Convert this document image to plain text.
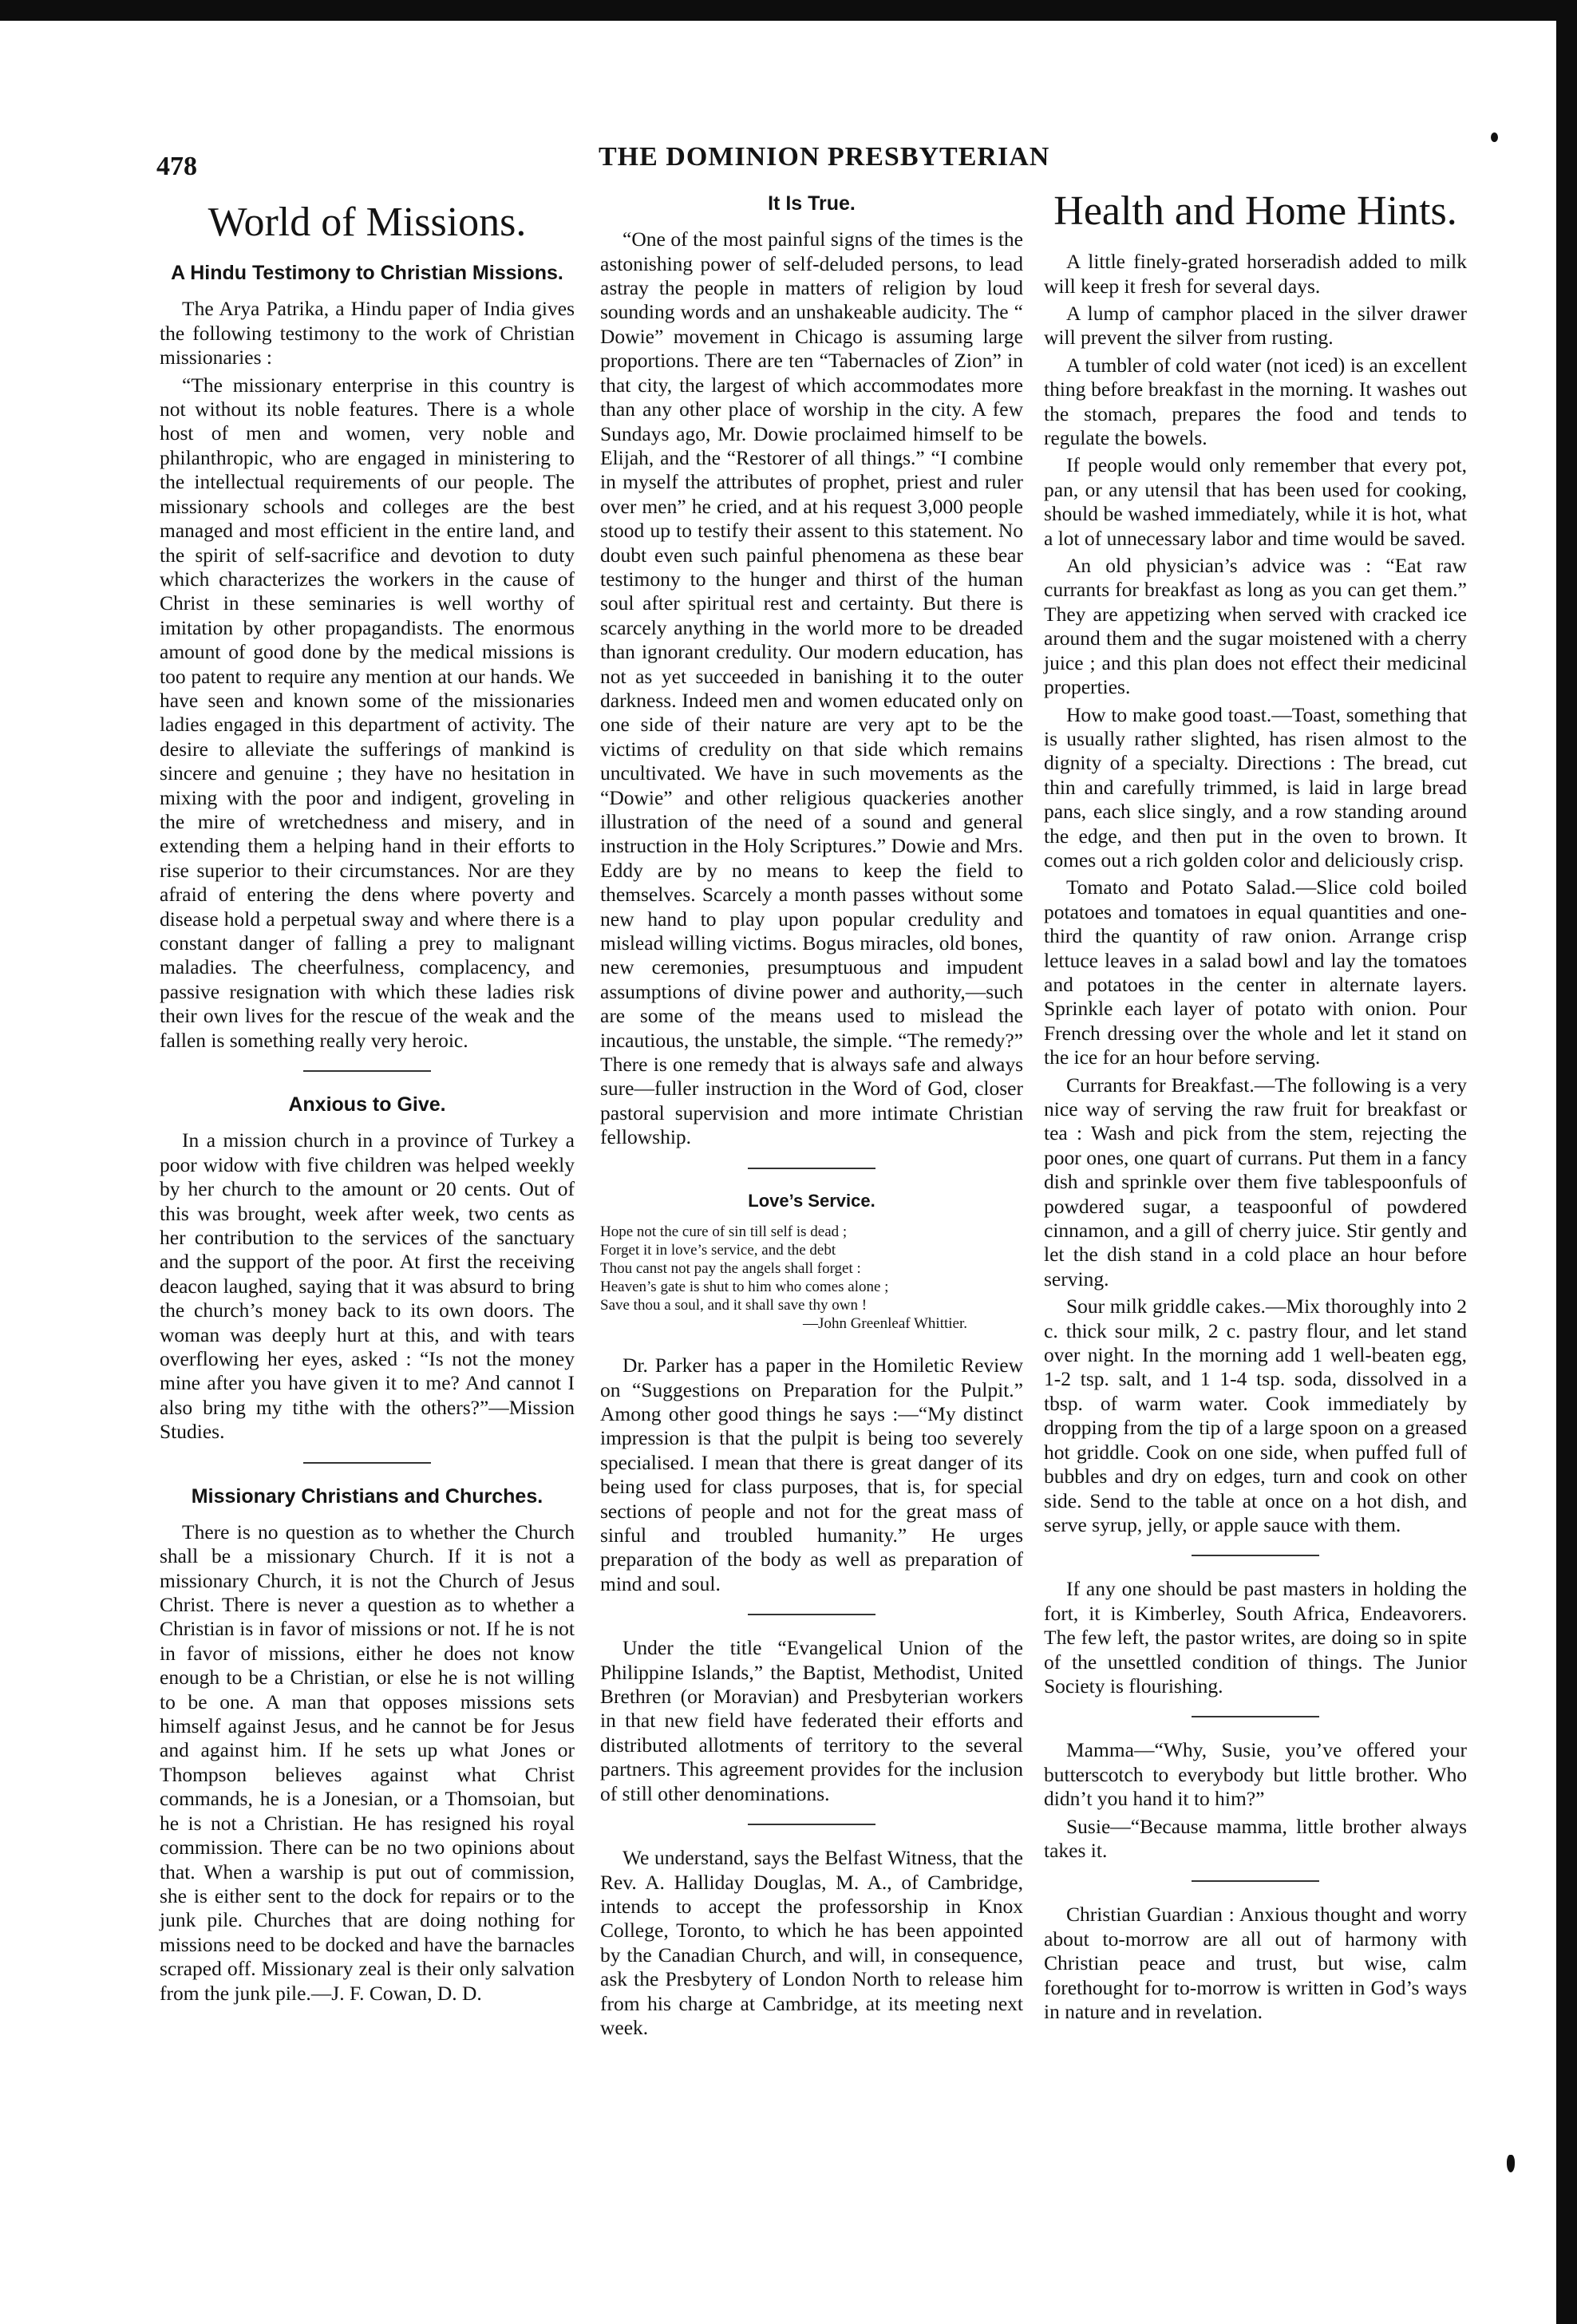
478	THE DOMINION PRESBYTERIAN
World of Missions.
A Hindu Testimony to Christian Missions.

The Arya Patrika, a Hindu paper of India gives the following testimony to the work of Christian missionaries :

“The missionary enterprise in this country is not without its noble features. There is a whole host of men and women, very noble and philanthropic, who are engaged in ministering to the intellectual requirements of our people. The missionary schools and colleges are the best managed and most efficient in the entire land, and the spirit of self-sacrifice and devotion to duty which characterizes the workers in the cause of Christ in these seminaries is well worthy of imitation by other propagandists. The enormous amount of good done by the medical missions is too patent to require any mention at our hands. We have seen and known some of the missionaries ladies engaged in this department of activity. The desire to alleviate the sufferings of mankind is sincere and genuine ; they have no hesitation in mixing with the poor and indigent, groveling in the mire of wretchedness and misery, and in extending them a helping hand in their efforts to rise superior to their circumstances. Nor are they afraid of entering the dens where poverty and disease hold a perpetual sway and where there is a constant danger of falling a prey to malignant maladies. The cheerfulness, complacency, and passive resignation with which these ladies risk their own lives for the rescue of the weak and the fallen is something really very heroic.

Anxious to Give.

In a mission church in a province of Turkey a poor widow with five children was helped weekly by her church to the amount or 20 cents. Out of this was brought, week after week, two cents as her contribution to the services of the sanctuary and the support of the poor. At first the receiving deacon laughed, saying that it was absurd to bring the church’s money back to its own doors. The woman was deeply hurt at this, and with tears overflowing her eyes, asked : “Is not the money mine after you have given it to me? And cannot I also bring my tithe with the others?”—Mission Studies.

Missionary Christians and Churches.

There is no question as to whether the Church shall be a missionary Church. If it is not a missionary Church, it is not the Church of Jesus Christ. There is never a question as to whether a Christian is in favor of missions or not. If he is not in favor of missions, either he does not know enough to be a Christian, or else he is not willing to be one. A man that opposes missions sets himself against Jesus, and he cannot be for Jesus and against him. If he sets up what Jones or Thompson believes against what Christ commands, he is a Jonesian, or a Thomsoian, but he is not a Christian. He has resigned his royal commission. There can be no two opinions about that. When a warship is put out of commission, she is either sent to the dock for repairs or to the junk pile. Churches that are doing nothing for missions need to be docked and have the barnacles scraped off. Missionary zeal is their only salvation from the junk pile.—J. F. Cowan, D. D.

It Is True.

“One of the most painful signs of the times is the astonishing power of self-deluded persons, to lead astray the people in matters of religion by loud sounding words and an unshakeable audicity. The “ Dowie” movement in Chicago is assuming large proportions. There are ten “Tabernacles of Zion” in that city, the largest of which accommodates more than any other place of worship in the city. A few Sundays ago, Mr. Dowie proclaimed himself to be Elijah, and the “Restorer of all things.” “I combine in myself the attributes of prophet, priest and ruler over men” he cried, and at his request 3,000 people stood up to testify their assent to this statement. No doubt even such painful phenomena as these bear testimony to the hunger and thirst of the human soul after spiritual rest and certainty. But there is scarcely anything in the world more to be dreaded than ignorant credulity. Our modern education, has not as yet succeeded in banishing it to the outer darkness. Indeed men and women educated only on one side of their nature are very apt to be the victims of credulity on that side which remains uncultivated. We have in such movements as the “Dowie” and other religious quackeries another illustration of the need of a sound and general instruction in the Holy Scriptures.” Dowie and Mrs. Eddy are by no means to keep the field to themselves. Scarcely a month passes without some new hand to play upon popular credulity and mislead willing victims. Bogus miracles, old bones, new ceremonies, presumptuous and impudent assumptions of divine power and authority,—such are some of the means used to mislead the incautious, the unstable, the simple. “The remedy?” There is one remedy that is always safe and always sure—fuller instruction in the Word of God, closer pastoral supervision and more intimate Christian fellowship.

Love’s Service.
Hope not the cure of sin till self is dead ;
Forget it in love’s service, and the debt
Thou canst not pay the angels shall forget :
Heaven’s gate is shut to him who comes alone ;
Save thou a soul, and it shall save thy own !
—John Greenleaf Whittier.

Dr. Parker has a paper in the Homiletic Review on “Suggestions on Preparation for the Pulpit.” Among other good things he says :—“My distinct impression is that the pulpit is being too severely specialised. I mean that there is great danger of its being used for class purposes, that is, for special sections of people and not for the great mass of sinful and troubled humanity.” He urges preparation of the body as well as preparation of mind and soul.

Under the title “Evangelical Union of the Philippine Islands,” the Baptist, Methodist, United Brethren (or Moravian) and Presbyterian workers in that new field have federated their efforts and distributed allotments of territory to the several partners. This agreement provides for the inclusion of still other denominations.

We understand, says the Belfast Witness, that the Rev. A. Halliday Douglas, M. A., of Cambridge, intends to accept the professorship in Knox College, Toronto, to which he has been appointed by the Canadian Church, and will, in consequence, ask the Presbytery of London North to release him from his charge at Cambridge, at its meeting next week.

Health and Home Hints.

A little finely-grated horseradish added to milk will keep it fresh for several days.

A lump of camphor placed in the silver drawer will prevent the silver from rusting.

A tumbler of cold water (not iced) is an excellent thing before breakfast in the morning. It washes out the stomach, prepares the food and tends to regulate the bowels.

If people would only remember that every pot, pan, or any utensil that has been used for cooking, should be washed immediately, while it is hot, what a lot of unnecessary labor and time would be saved.

An old physician’s advice was : “Eat raw currants for breakfast as long as you can get them.” They are appetizing when served with cracked ice around them and the sugar moistened with a cherry juice ; and this plan does not effect their medicinal properties.

How to make good toast.—Toast, something that is usually rather slighted, has risen almost to the dignity of a specialty. Directions : The bread, cut thin and carefully trimmed, is laid in large bread pans, each slice singly, and a row standing around the edge, and then put in the oven to brown. It comes out a rich golden color and deliciously crisp.

Tomato and Potato Salad.—Slice cold boiled potatoes and tomatoes in equal quantities and one-third the quantity of raw onion. Arrange crisp lettuce leaves in a salad bowl and lay the tomatoes and potatoes in the center in alternate layers. Sprinkle each layer of potato with onion. Pour French dressing over the whole and let it stand on the ice for an hour before serving.

Currants for Breakfast.—The following is a very nice way of serving the raw fruit for breakfast or tea : Wash and pick from the stem, rejecting the poor ones, one quart of currans. Put them in a fancy dish and sprinkle over them five tablespoonfuls of powdered sugar, a teaspoonful of powdered cinnamon, and a gill of cherry juice. Stir gently and let the dish stand in a cold place an hour before serving.

Sour milk griddle cakes.—Mix thoroughly into 2 c. thick sour milk, 2 c. pastry flour, and let stand over night. In the morning add 1 well-beaten egg, 1-2 tsp. salt, and 1 1-4 tsp. soda, dissolved in a tbsp. of warm water. Cook immediately by dropping from the tip of a large spoon on a greased hot griddle. Cook on one side, when puffed full of bubbles and dry on edges, turn and cook on other side. Send to the table at once on a hot dish, and serve syrup, jelly, or apple sauce with them.

If any one should be past masters in holding the fort, it is Kimberley, South Africa, Endeavorers. The few left, the pastor writes, are doing so in spite of the unsettled condition of things. The Junior Society is flourishing.

Mamma—“Why, Susie, you’ve offered your butterscotch to everybody but little brother. Who didn’t you hand it to him?”

Susie—“Because mamma, little brother always takes it.

Christian Guardian : Anxious thought and worry about to-morrow are all out of harmony with Christian peace and trust, but wise, calm forethought for to-morrow is written in God’s ways in nature and in revelation.
